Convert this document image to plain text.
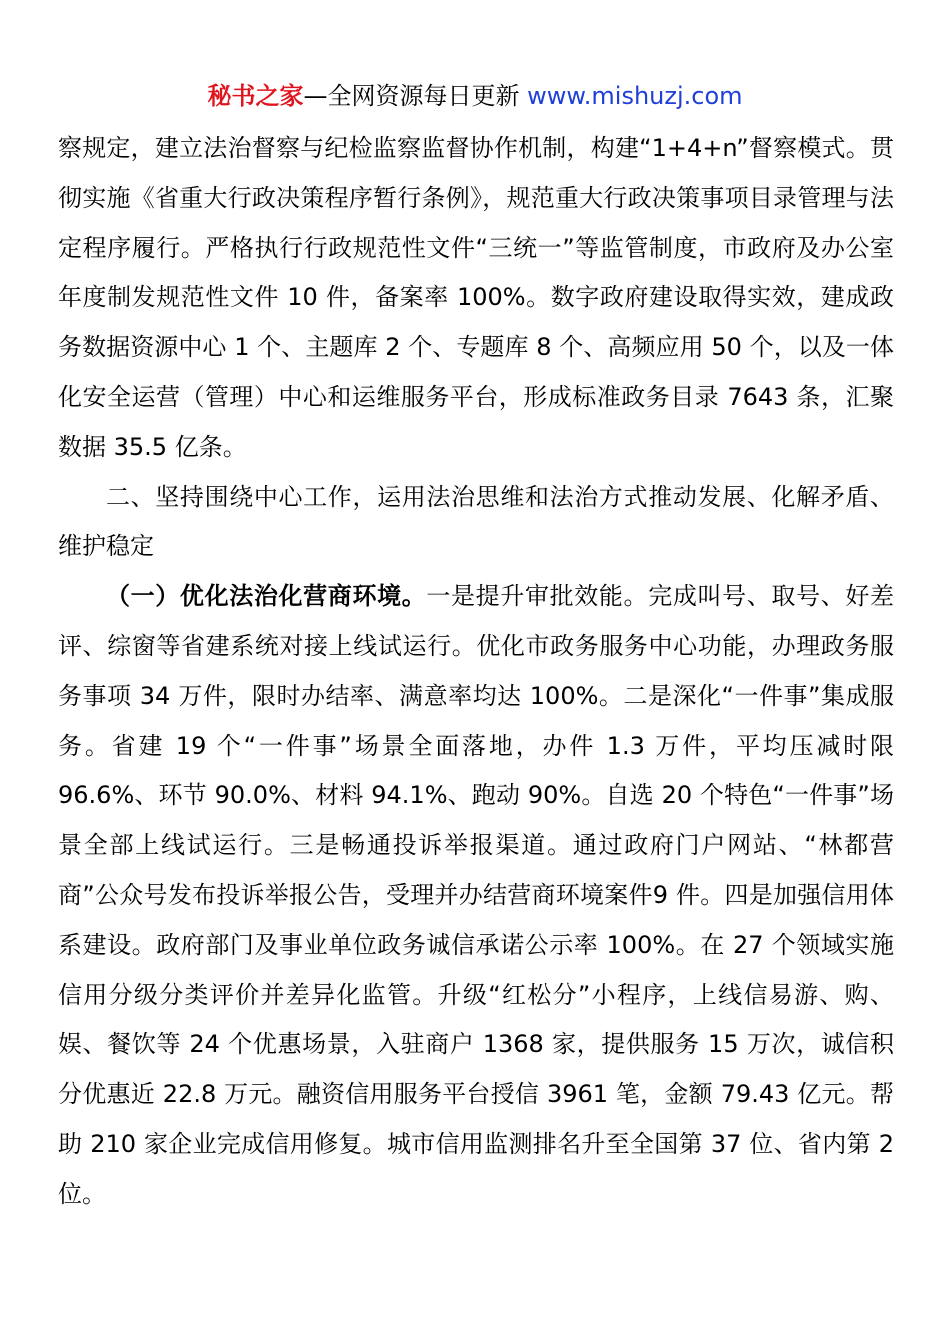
秘书之家—全网资源每日更新 www.mishuzj.com

察规定，建立法治督察与纪检监察监督协作机制，构建“1+4+n”督察模式。贯彻实施《省重大行政决策程序暂行条例》，规范重大行政决策事项目录管理与法定程序履行。严格执行行政规范性文件“三统一”等监管制度，市政府及办公室年度制发规范性文件 10 件，备案率 100%。数字政府建设取得实效，建成政务数据资源中心 1 个、主题库 2 个、专题库 8 个、高频应用 50 个，以及一体化安全运营（管理）中心和运维服务平台，形成标准政务目录 7643 条，汇聚数据 35.5 亿条。

二、坚持围绕中心工作，运用法治思维和法治方式推动发展、化解矛盾、维护稳定

（一）优化法治化营商环境。一是提升审批效能。完成叫号、取号、好差评、综窗等省建系统对接上线试运行。优化市政务服务中心功能，办理政务服务事项 34 万件，限时办结率、满意率均达 100%。二是深化“一件事”集成服务。省建 19 个“一件事”场景全面落地，办件 1.3 万件，平均压减时限 96.6%、环节 90.0%、材料 94.1%、跑动 90%。自选 20 个特色“一件事”场景全部上线试运行。三是畅通投诉举报渠道。通过政府门户网站、“林都营商”公众号发布投诉举报公告，受理并办结营商环境案件9 件。四是加强信用体系建设。政府部门及事业单位政务诚信承诺公示率 100%。在 27 个领域实施信用分级分类评价并差异化监管。升级“红松分”小程序，上线信易游、购、娱、餐饮等 24 个优惠场景，入驻商户 1368 家，提供服务 15 万次，诚信积分优惠近 22.8 万元。融资信用服务平台授信 3961 笔，金额 79.43 亿元。帮助 210 家企业完成信用修复。城市信用监测排名升至全国第 37 位、省内第 2 位。
